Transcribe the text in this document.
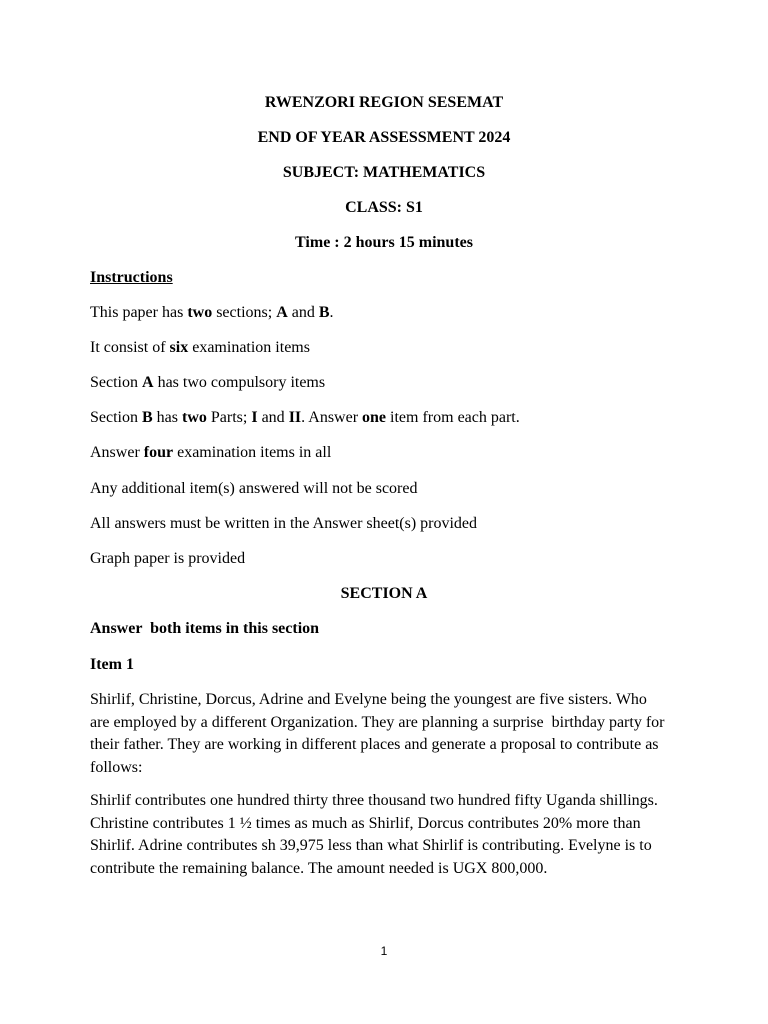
RWENZORI REGION SESEMAT
END OF YEAR ASSESSMENT 2024
SUBJECT: MATHEMATICS
CLASS: S1
Time : 2 hours 15 minutes
Instructions
This paper has two sections; A and B.
It consist of six examination items
Section A has two compulsory items
Section B has two Parts; I and II. Answer one item from each part.
Answer four examination items in all
Any additional item(s) answered will not be scored
All answers must be written in the Answer sheet(s) provided
Graph paper is provided
SECTION A
Answer  both items in this section
Item 1
Shirlif, Christine, Dorcus, Adrine and Evelyne being the youngest are five sisters. Who
are employed by a different Organization. They are planning a surprise  birthday party for
their father. They are working in different places and generate a proposal to contribute as
follows:
Shirlif contributes one hundred thirty three thousand two hundred fifty Uganda shillings.
Christine contributes 1 ½ times as much as Shirlif, Dorcus contributes 20% more than
Shirlif. Adrine contributes sh 39,975 less than what Shirlif is contributing. Evelyne is to
contribute the remaining balance. The amount needed is UGX 800,000.
1
